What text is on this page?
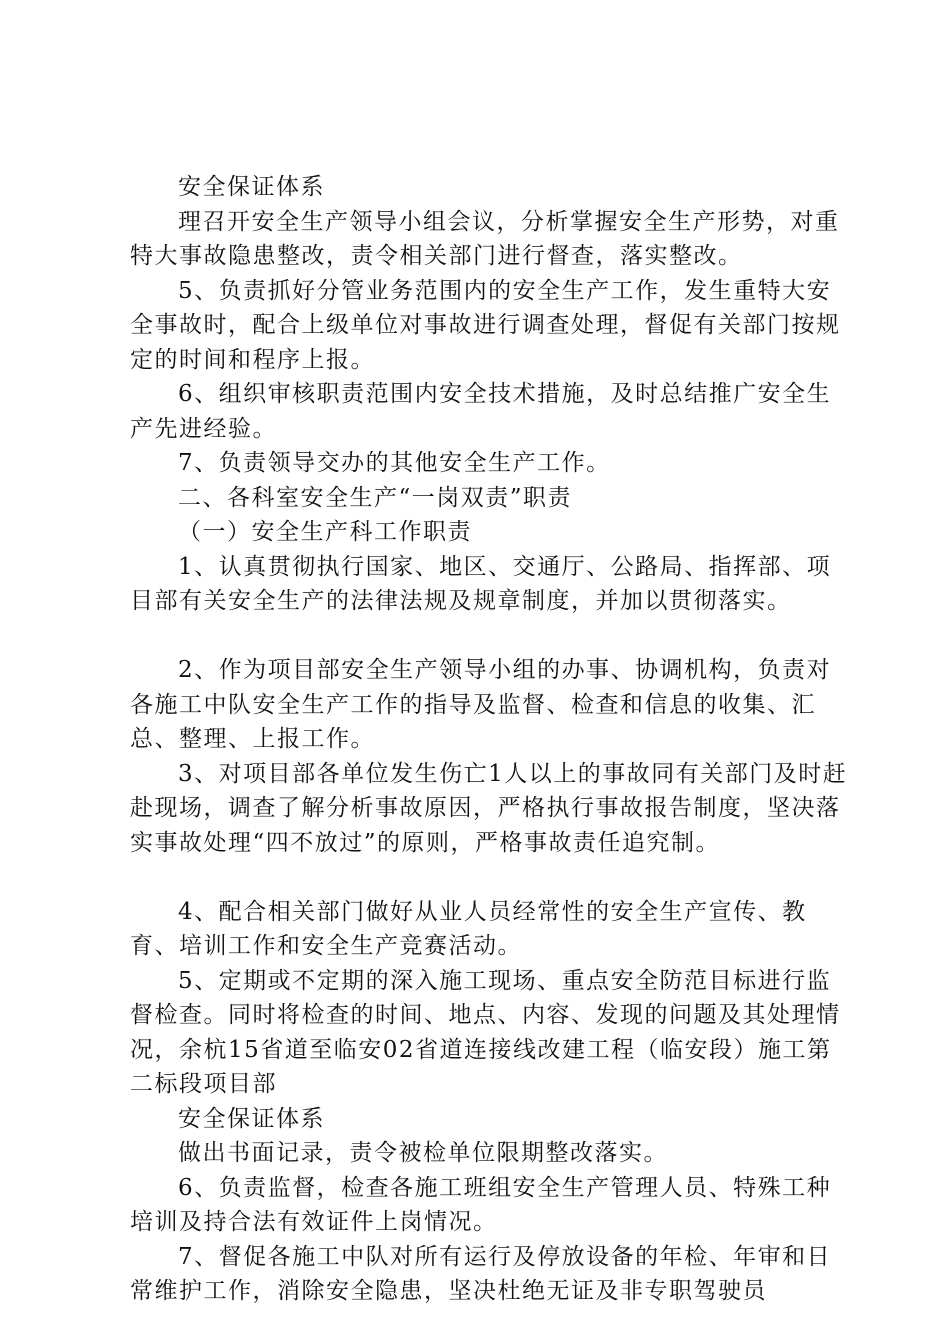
安全保证体系

理召开安全生产领导小组会议，分析掌握安全生产形势，对重特大事故隐患整改，责令相关部门进行督查，落实整改。

5、负责抓好分管业务范围内的安全生产工作，发生重特大安全事故时，配合上级单位对事故进行调查处理，督促有关部门按规定的时间和程序上报。

6、组织审核职责范围内安全技术措施，及时总结推广安全生产先进经验。

7、负责领导交办的其他安全生产工作。

二、各科室安全生产“一岗双责”职责

（一）安全生产科工作职责

1、认真贯彻执行国家、地区、交通厅、公路局、指挥部、项目部有关安全生产的法律法规及规章制度，并加以贯彻落实。

2、作为项目部安全生产领导小组的办事、协调机构，负责对各施工中队安全生产工作的指导及监督、检查和信息的收集、汇总、整理、上报工作。

3、对项目部各单位发生伤亡1人以上的事故同有关部门及时赶赴现场，调查了解分析事故原因，严格执行事故报告制度，坚决落实事故处理“四不放过”的原则，严格事故责任追究制。

4、配合相关部门做好从业人员经常性的安全生产宣传、教育、培训工作和安全生产竞赛活动。

5、定期或不定期的深入施工现场、重点安全防范目标进行监督检查。同时将检查的时间、地点、内容、发现的问题及其处理情况，余杭15省道至临安02省道连接线改建工程（临安段）施工第二标段项目部

安全保证体系

做出书面记录，责令被检单位限期整改落实。

6、负责监督，检查各施工班组安全生产管理人员、特殊工种培训及持合法有效证件上岗情况。

7、督促各施工中队对所有运行及停放设备的年检、年审和日常维护工作，消除安全隐患，坚决杜绝无证及非专职驾驶员
